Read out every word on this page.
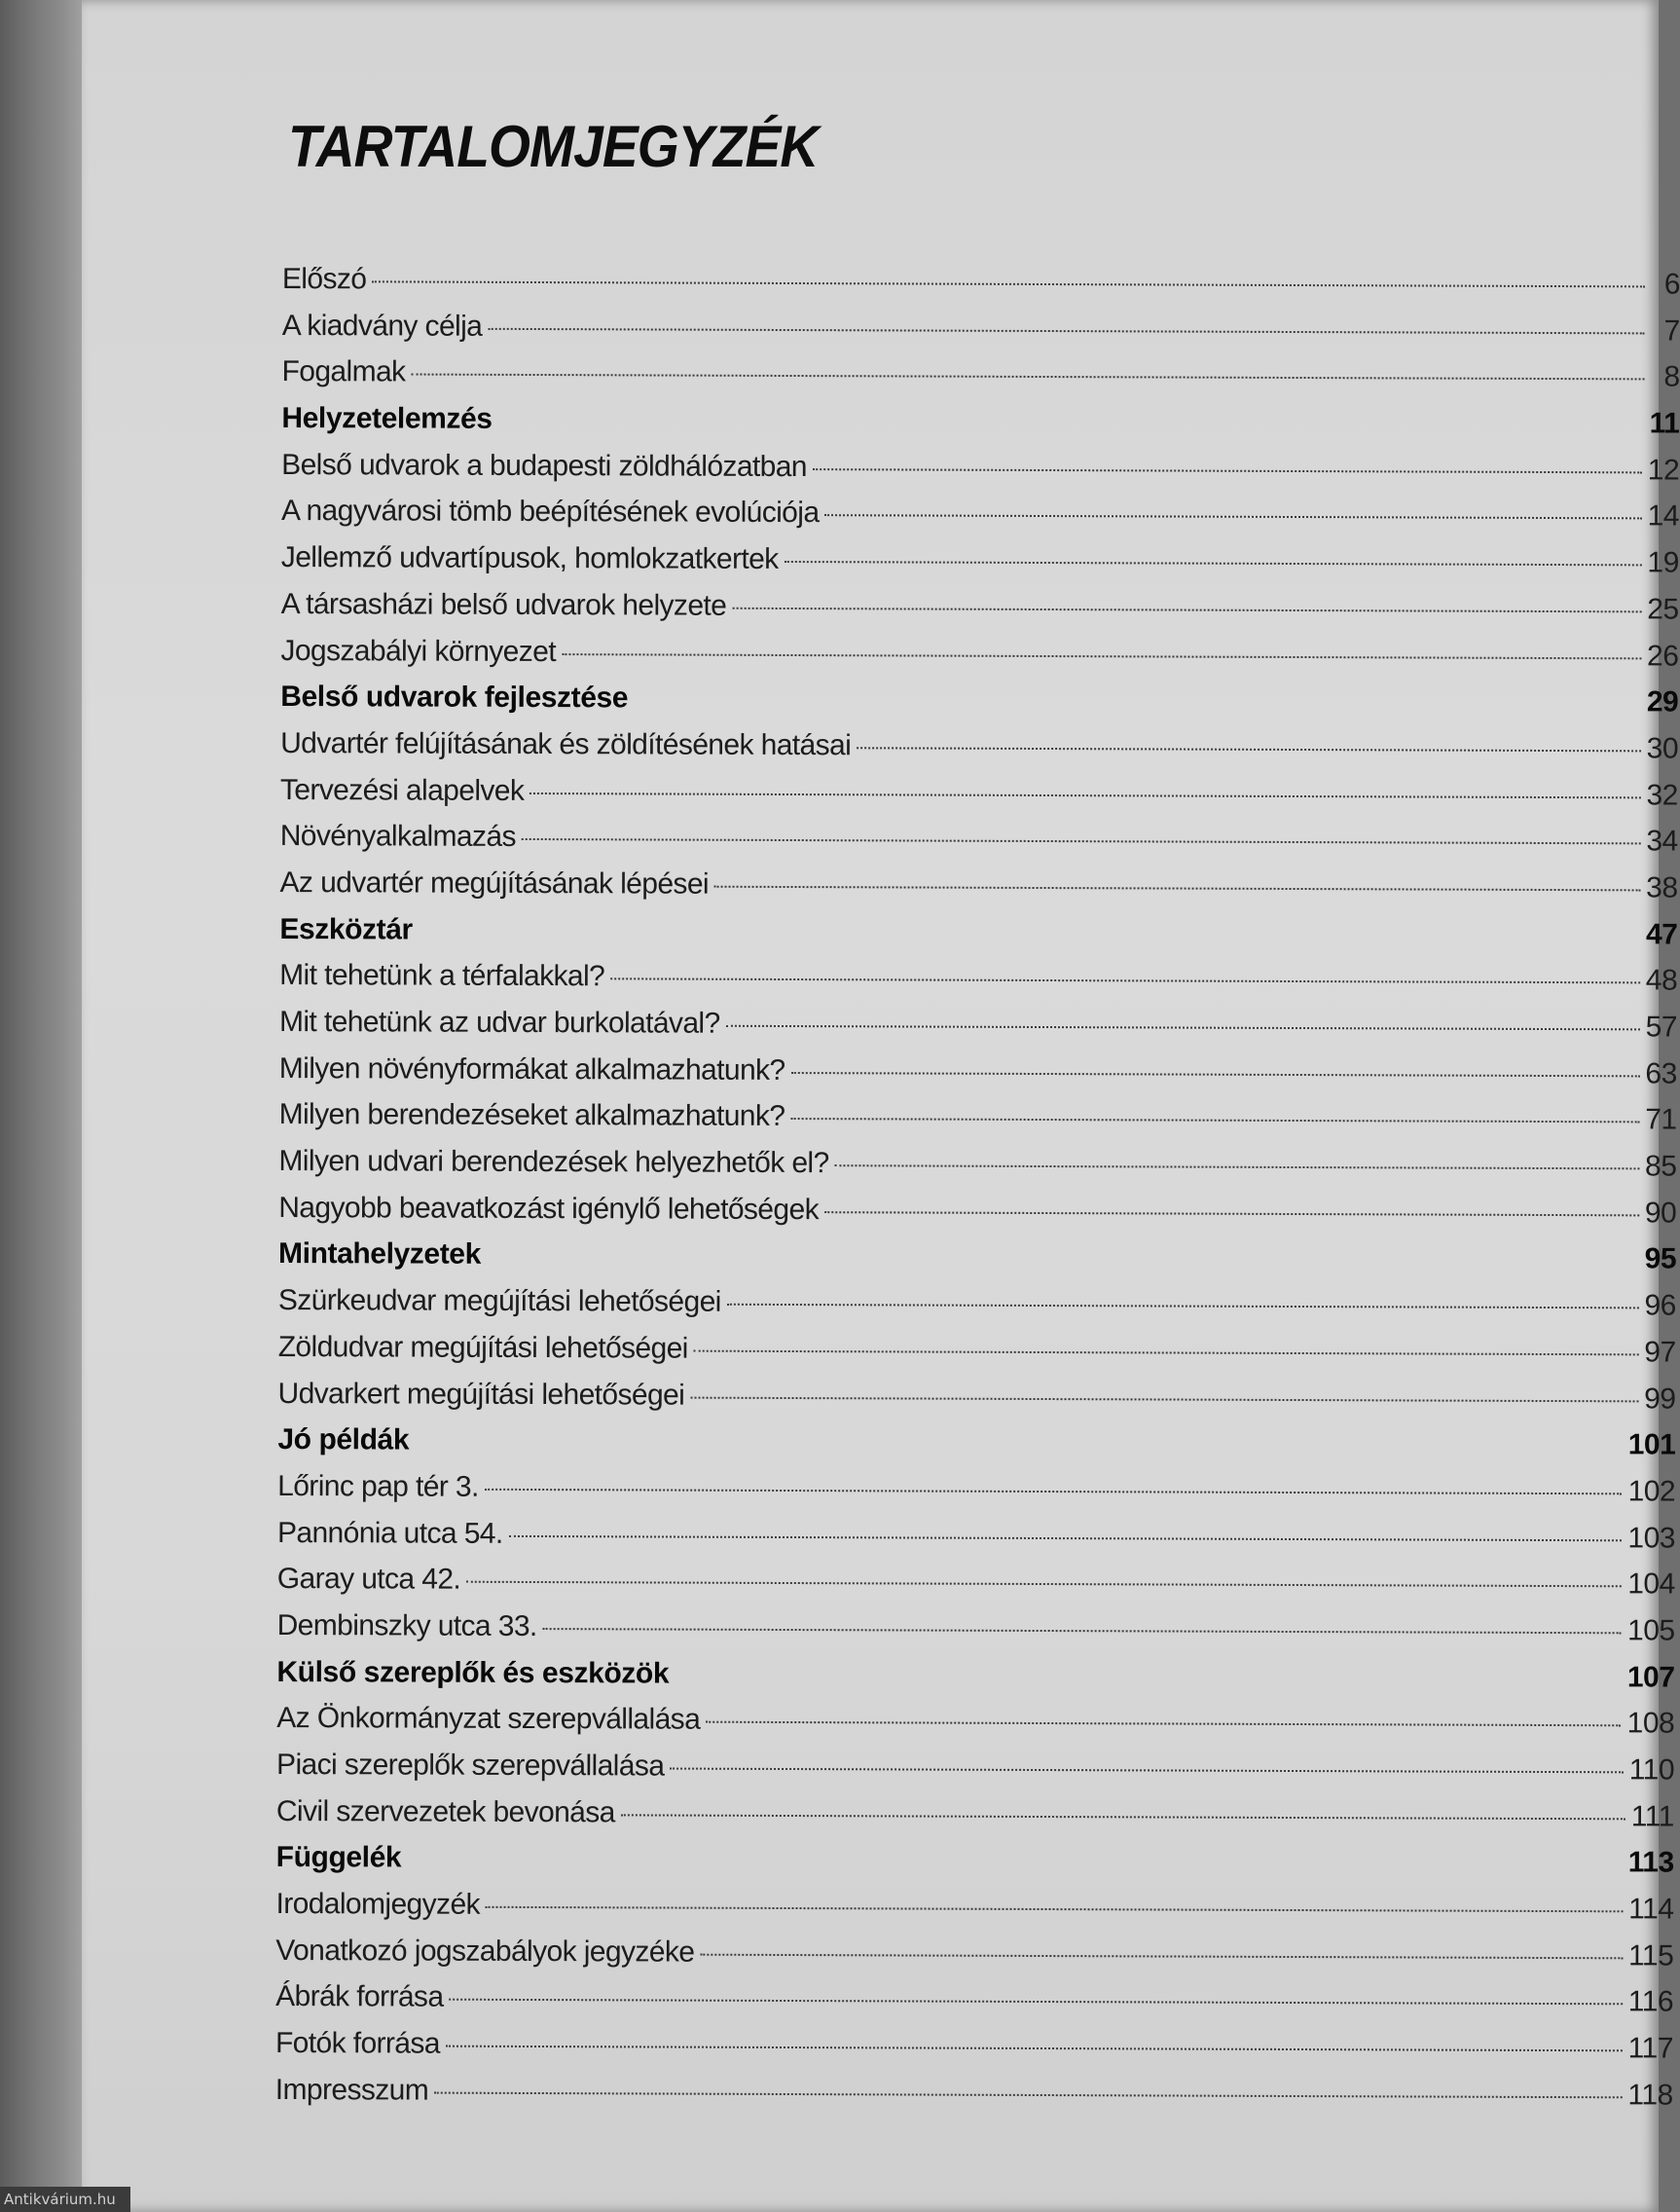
TARTALOMJEGYZÉK
Előszó	6
A kiadvány célja	7
Fogalmak	8
Helyzetelemzés	11
Belső udvarok a budapesti zöldhálózatban	12
A nagyvárosi tömb beépítésének evolúciója	14
Jellemző udvartípusok, homlokzatkertek	19
A társasházi belső udvarok helyzete	25
Jogszabályi környezet	26
Belső udvarok fejlesztése	29
Udvartér felújításának és zöldítésének hatásai	30
Tervezési alapelvek	32
Növényalkalmazás	34
Az udvartér megújításának lépései	38
Eszköztár	47
Mit tehetünk a térfalakkal?	48
Mit tehetünk az udvar burkolatával?	57
Milyen növényformákat alkalmazhatunk?	63
Milyen berendezéseket alkalmazhatunk?	71
Milyen udvari berendezések helyezhetők el?	85
Nagyobb beavatkozást igénylő lehetőségek	90
Mintahelyzetek	95
Szürkeudvar megújítási lehetőségei	96
Zöldudvar megújítási lehetőségei	97
Udvarkert megújítási lehetőségei	99
Jó példák	101
Lőrinc pap tér 3.	102
Pannónia utca 54.	103
Garay utca 42.	104
Dembinszky utca 33.	105
Külső szereplők és eszközök	107
Az Önkormányzat szerepvállalása	108
Piaci szereplők szerepvállalása	110
Civil szervezetek bevonása	111
Függelék	113
Irodalomjegyzék	114
Vonatkozó jogszabályok jegyzéke	115
Ábrák forrása	116
Fotók forrása	117
Impresszum	118
Antikvárium.hu
